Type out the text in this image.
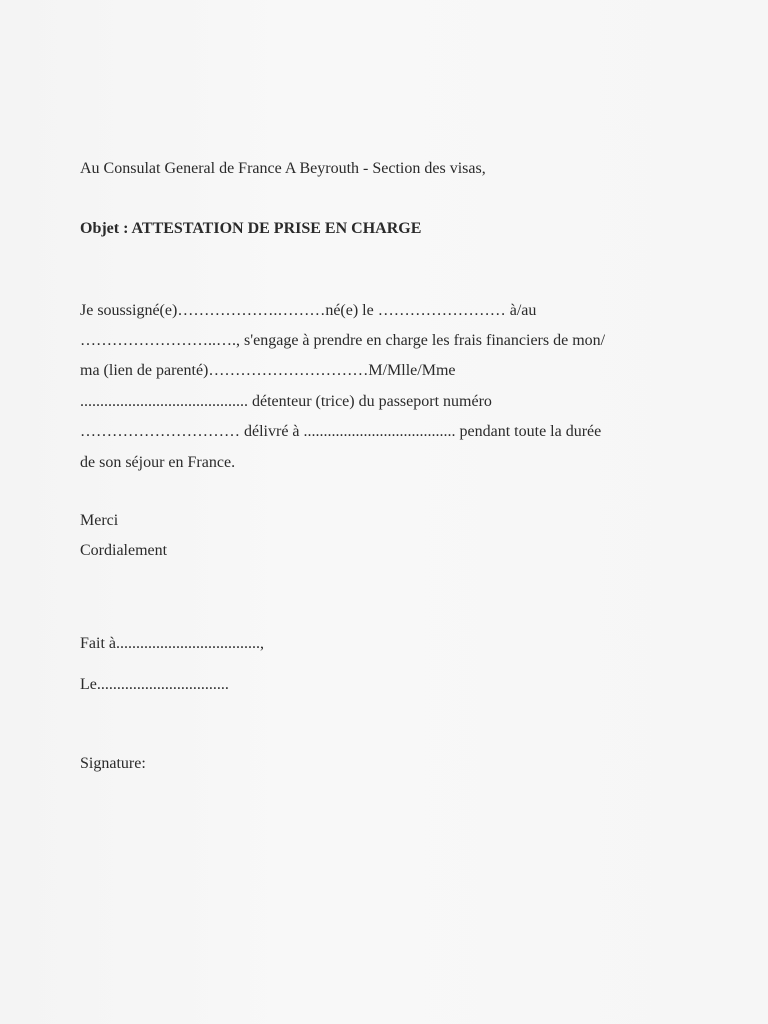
Au Consulat General de France A Beyrouth - Section des visas,
Objet : ATTESTATION DE PRISE EN CHARGE
Je soussigné(e)……………….………né(e) le …………………… à/au
……………………..…., s'engage à prendre en charge les frais financiers de mon/
ma (lien de parenté)…………………………M/Mlle/Mme
.......................................... détenteur (trice) du passeport numéro
………………………… délivré à ...................................... pendant toute la durée
de son séjour en France.
Merci
Cordialement
Fait à....................................,
Le.................................
Signature:
